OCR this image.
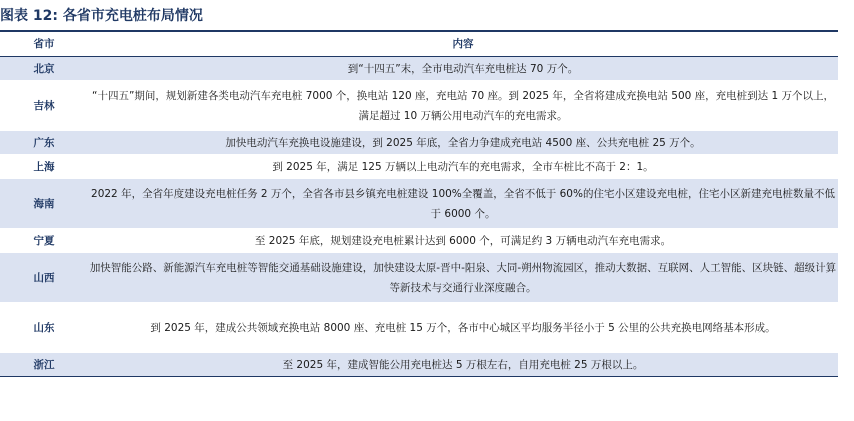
图表 12: 各省市充电桩布局情况
省市	内容
北京	到“十四五”末，全市电动汽车充电桩达 70 万个。
吉林	“十四五”期间，规划新建各类电动汽车充电桩 7000 个，换电站 120 座，充电站 70 座。到 2025 年，全省将建成充换电站 500 座，充电桩到达 1 万个以上，满足超过 10 万辆公用电动汽车的充电需求。
广东	加快电动汽车充换电设施建设，到 2025 年底，全省力争建成充电站 4500 座、公共充电桩 25 万个。
上海	到 2025 年，满足 125 万辆以上电动汽车的充电需求，全市车桩比不高于 2：1。
海南	2022 年，全省年度建设充电桩任务 2 万个，全省各市县乡镇充电桩建设 100%全覆盖，全省不低于 60%的住宅小区建设充电桩，住宅小区新建充电桩数量不低于 6000 个。
宁夏	至 2025 年底，规划建设充电桩累计达到 6000 个，可满足约 3 万辆电动汽车充电需求。
山西	加快智能公路、新能源汽车充电桩等智能交通基础设施建设，加快建设太原-晋中-阳泉、大同-朔州物流园区，推动大数据、互联网、人工智能、区块链、超级计算等新技术与交通行业深度融合。
山东	到 2025 年，建成公共领域充换电站 8000 座、充电桩 15 万个，各市中心城区平均服务半径小于 5 公里的公共充换电网络基本形成。
浙江	至 2025 年，建成智能公用充电桩达 5 万根左右，自用充电桩 25 万根以上。
